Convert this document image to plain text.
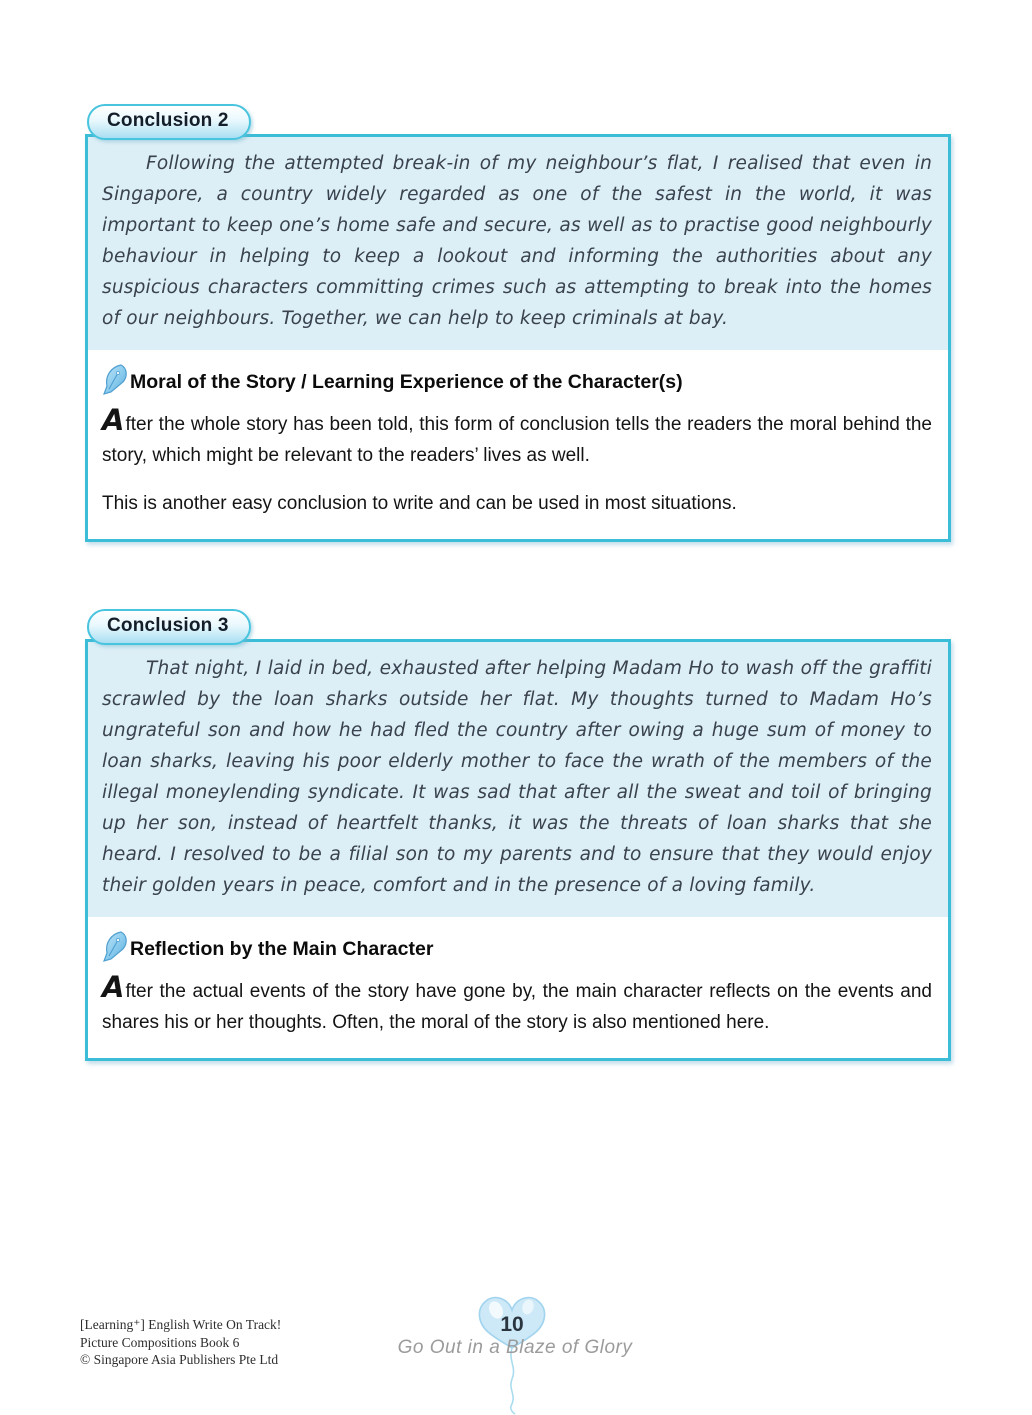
Conclusion 2

Following the attempted break-in of my neighbour’s flat, I realised that even in Singapore, a country widely regarded as one of the safest in the world, it was important to keep one’s home safe and secure, as well as to practise good neighbourly behaviour in helping to keep a lookout and informing the authorities about any suspicious characters committing crimes such as attempting to break into the homes of our neighbours. Together, we can help to keep criminals at bay.

Moral of the Story / Learning Experience of the Character(s)

After the whole story has been told, this form of conclusion tells the readers the moral behind the story, which might be relevant to the readers’ lives as well.

This is another easy conclusion to write and can be used in most situations.

Conclusion 3

That night, I laid in bed, exhausted after helping Madam Ho to wash off the graffiti scrawled by the loan sharks outside her flat. My thoughts turned to Madam Ho’s ungrateful son and how he had fled the country after owing a huge sum of money to loan sharks, leaving his poor elderly mother to face the wrath of the members of the illegal moneylending syndicate. It was sad that after all the sweat and toil of bringing up her son, instead of heartfelt thanks, it was the threats of loan sharks that she heard. I resolved to be a filial son to my parents and to ensure that they would enjoy their golden years in peace, comfort and in the presence of a loving family.

Reflection by the Main Character

After the actual events of the story have gone by, the main character reflects on the events and shares his or her thoughts. Often, the moral of the story is also mentioned here.

[Learning⁺] English Write On Track!
Picture Compositions Book 6
© Singapore Asia Publishers Pte Ltd
10
Go Out in a Blaze of Glory
